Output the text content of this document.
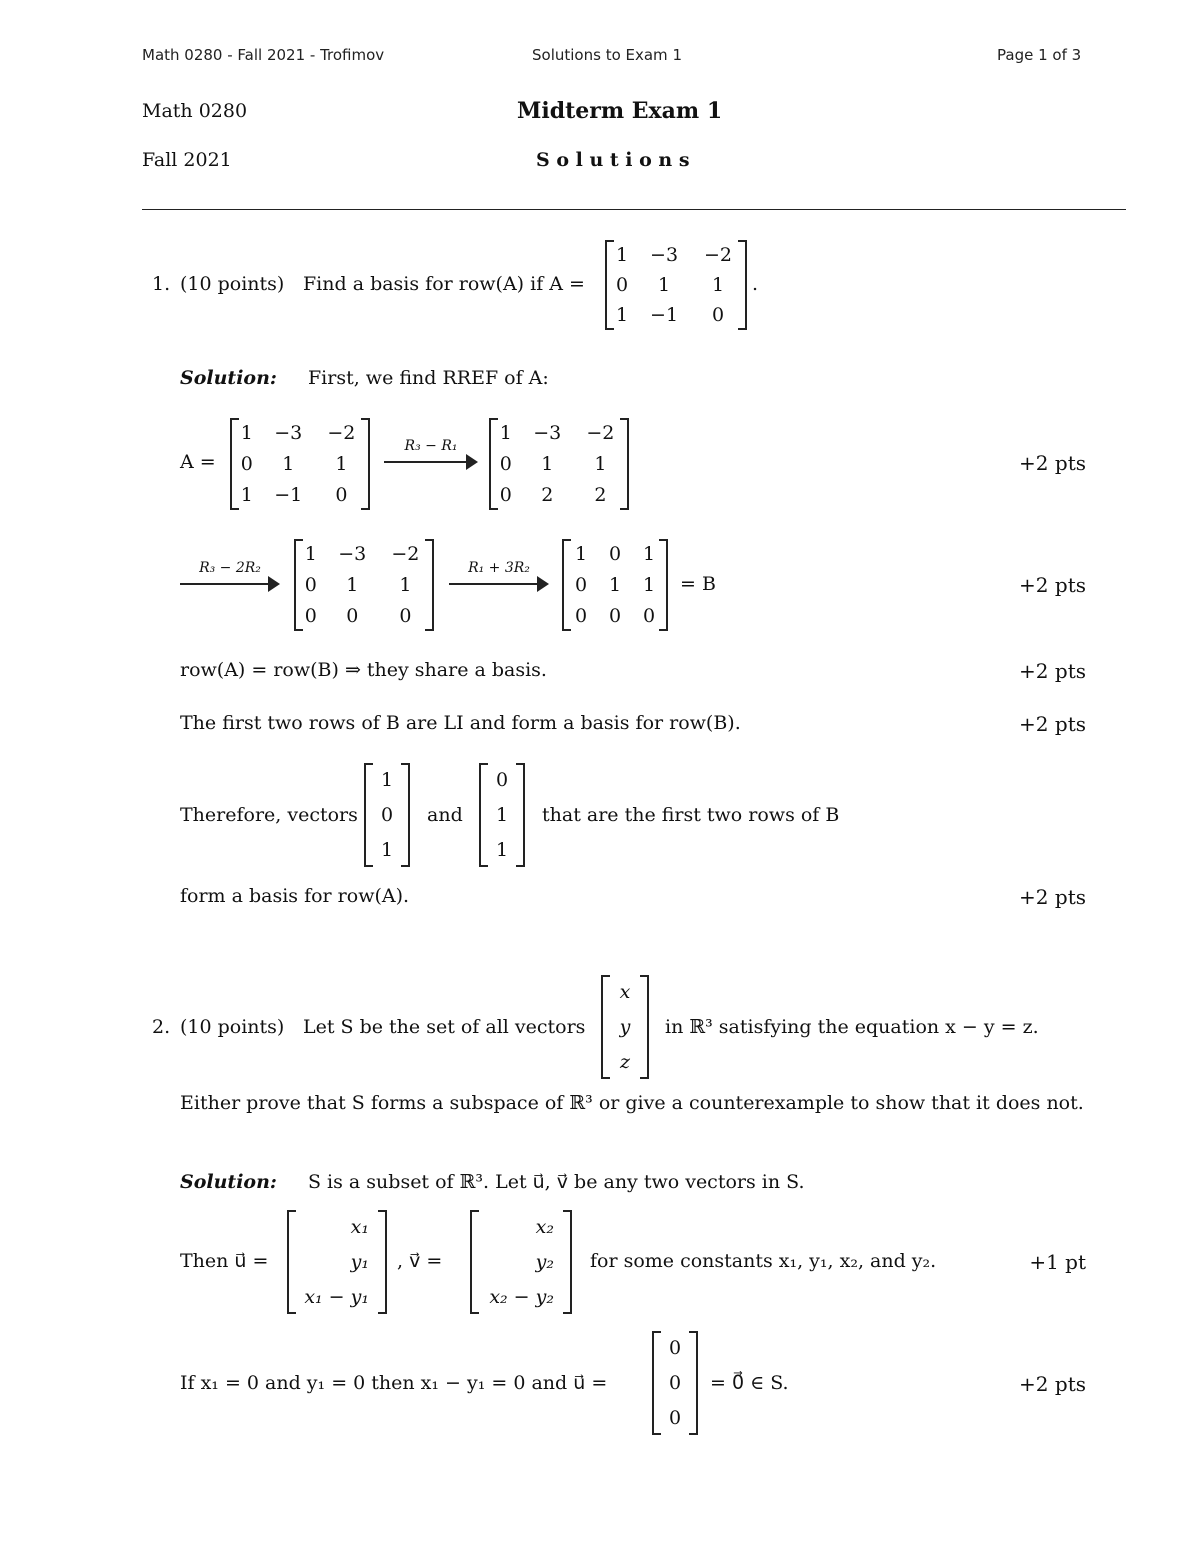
Math 0280 - Fall 2021 - Trofimov	Solutions to Exam 1	Page 1 of 3
Math 0280	Midterm Exam 1
Fall 2021	S o l u t i o n s
1. (10 points) Find a basis for row(A) if A =
1	−3	−2
0	1	1
1	−1	0
.
Solution: First, we find RREF of A:
A =
1	−3	−2
0	1	1
1	−1	0
R₃ − R₁
1	−3	−2
0	1	1
0	2	2
+2 pts
R₃ − 2R₂
1	−3	−2
0	1	1
0	0	0
R₁ + 3R₂
1	0	1
0	1	1
0	0	0
= B	+2 pts
row(A) = row(B) ⇒ they share a basis.	+2 pts
The first two rows of B are LI and form a basis for row(B).	+2 pts
Therefore, vectors
1
0
1
and
0
1
1
that are the first two rows of B
form a basis for row(A).	+2 pts
2. (10 points) Let S be the set of all vectors
x
y
z
in ℝ³ satisfying the equation x − y = z.
Either prove that S forms a subspace of ℝ³ or give a counterexample to show that it does not.
Solution: S is a subset of ℝ³. Let u⃗, v⃗ be any two vectors in S.
Then u⃗ =
x₁
y₁
x₁ − y₁
, v⃗ =
x₂
y₂
x₂ − y₂
for some constants x₁, y₁, x₂, and y₂.	+1 pt
If x₁ = 0 and y₁ = 0 then x₁ − y₁ = 0 and u⃗ =
0
0
0
= 0⃗ ∈ S.	+2 pts
